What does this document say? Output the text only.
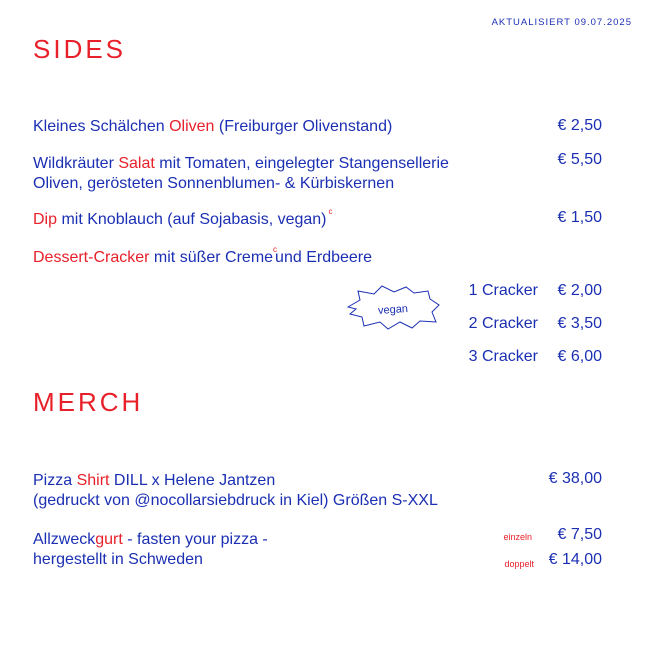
AKTUALISIERT 09.07.2025
SIDES
Kleines Schälchen Oliven (Freiburger Olivenstand)	€ 2,50
Wildkräuter Salat mit Tomaten, eingelegter Stangensellerie
Oliven, gerösteten Sonnenblumen- & Kürbiskernen
€ 5,50
Dip mit Knoblauch (auf Sojabasis, vegan) $^c$	€ 1,50
Dessert-Cracker mit süßer Creme$^c$und Erdbeere
vegan
1 Cracker € 2,00
2 Cracker € 3,50
3 Cracker € 6,00
MERCH
Pizza Shirt DILL x Helene Jantzen
(gedruckt von @nocollarsiebdruck in Kiel) Größen S-XXL
€ 38,00
Allzweckgurt - fasten your pizza -
hergestellt in Schweden
einzeln € 7,50
doppelt € 14,00
